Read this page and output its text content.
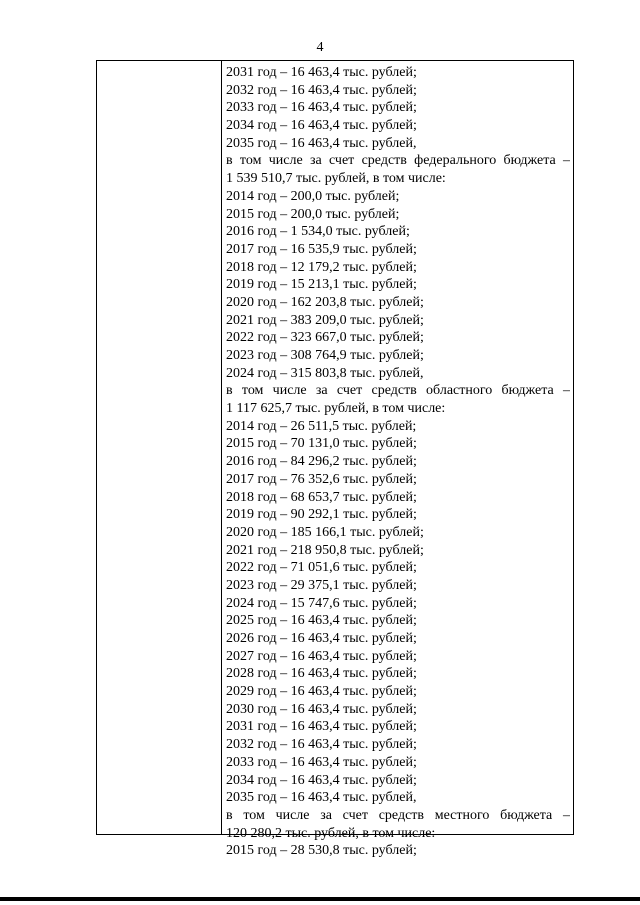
4
2031 год – 16 463,4 тыс. рублей;
2032 год – 16 463,4 тыс. рублей;
2033 год – 16 463,4 тыс. рублей;
2034 год – 16 463,4 тыс. рублей;
2035 год – 16 463,4 тыс. рублей,
в том числе за счет средств федерального бюджета –
1 539 510,7 тыс. рублей, в том числе:
2014 год – 200,0 тыс. рублей;
2015 год – 200,0 тыс. рублей;
2016 год – 1 534,0 тыс. рублей;
2017 год – 16 535,9 тыс. рублей;
2018 год – 12 179,2 тыс. рублей;
2019 год – 15 213,1 тыс. рублей;
2020 год – 162 203,8 тыс. рублей;
2021 год – 383 209,0 тыс. рублей;
2022 год – 323 667,0 тыс. рублей;
2023 год – 308 764,9 тыс. рублей;
2024 год – 315 803,8 тыс. рублей,
в том числе за счет средств областного бюджета –
1 117 625,7 тыс. рублей, в том числе:
2014 год – 26 511,5 тыс. рублей;
2015 год – 70 131,0 тыс. рублей;
2016 год – 84 296,2 тыс. рублей;
2017 год – 76 352,6 тыс. рублей;
2018 год – 68 653,7 тыс. рублей;
2019 год – 90 292,1 тыс. рублей;
2020 год – 185 166,1 тыс. рублей;
2021 год – 218 950,8 тыс. рублей;
2022 год – 71 051,6 тыс. рублей;
2023 год – 29 375,1 тыс. рублей;
2024 год – 15 747,6 тыс. рублей;
2025 год – 16 463,4 тыс. рублей;
2026 год – 16 463,4 тыс. рублей;
2027 год – 16 463,4 тыс. рублей;
2028 год – 16 463,4 тыс. рублей;
2029 год – 16 463,4 тыс. рублей;
2030 год – 16 463,4 тыс. рублей;
2031 год – 16 463,4 тыс. рублей;
2032 год – 16 463,4 тыс. рублей;
2033 год – 16 463,4 тыс. рублей;
2034 год – 16 463,4 тыс. рублей;
2035 год – 16 463,4 тыс. рублей,
в том числе за счет средств местного бюджета –
120 280,2 тыс. рублей, в том числе:
2015 год – 28 530,8 тыс. рублей;
